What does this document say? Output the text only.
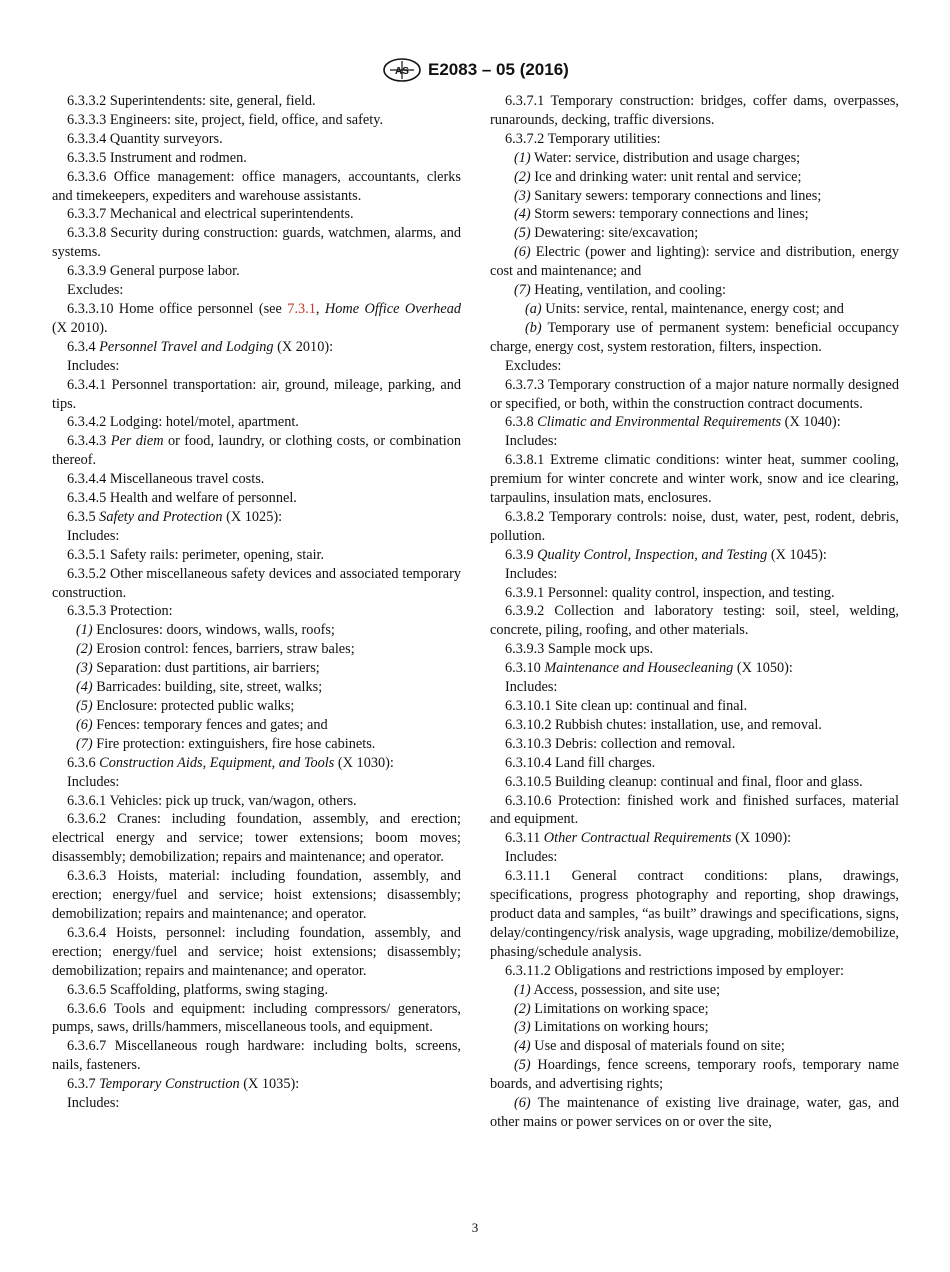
AS E2083 – 05 (2016)

6.3.3.2 Superintendents: site, general, field.

6.3.3.3 Engineers: site, project, field, office, and safety.

6.3.3.4 Quantity surveyors.

6.3.3.5 Instrument and rodmen.

6.3.3.6 Office management: office managers, accountants, clerks and timekeepers, expediters and warehouse assistants.

6.3.3.7 Mechanical and electrical superintendents.

6.3.3.8 Security during construction: guards, watchmen, alarms, and systems.

6.3.3.9 General purpose labor.

Excludes:

6.3.3.10 Home office personnel (see 7.3.1, Home Office Overhead (X 2010).

6.3.4 Personnel Travel and Lodging (X 2010):

Includes:

6.3.4.1 Personnel transportation: air, ground, mileage, parking, and tips.

6.3.4.2 Lodging: hotel/motel, apartment.

6.3.4.3 Per diem or food, laundry, or clothing costs, or combination thereof.

6.3.4.4 Miscellaneous travel costs.

6.3.4.5 Health and welfare of personnel.

6.3.5 Safety and Protection (X 1025):

Includes:

6.3.5.1 Safety rails: perimeter, opening, stair.

6.3.5.2 Other miscellaneous safety devices and associated temporary construction.

6.3.5.3 Protection:

(1) Enclosures: doors, windows, walls, roofs;

(2) Erosion control: fences, barriers, straw bales;

(3) Separation: dust partitions, air barriers;

(4) Barricades: building, site, street, walks;

(5) Enclosure: protected public walks;

(6) Fences: temporary fences and gates; and

(7) Fire protection: extinguishers, fire hose cabinets.

6.3.6 Construction Aids, Equipment, and Tools (X 1030):

Includes:

6.3.6.1 Vehicles: pick up truck, van/wagon, others.

6.3.6.2 Cranes: including foundation, assembly, and erection; electrical energy and service; tower extensions; boom moves; disassembly; demobilization; repairs and maintenance; and operator.

6.3.6.3 Hoists, material: including foundation, assembly, and erection; energy/fuel and service; hoist extensions; disassembly; demobilization; repairs and maintenance; and operator.

6.3.6.4 Hoists, personnel: including foundation, assembly, and erection; energy/fuel and service; hoist extensions; disassembly; demobilization; repairs and maintenance; and operator.

6.3.6.5 Scaffolding, platforms, swing staging.

6.3.6.6 Tools and equipment: including compressors/ generators, pumps, saws, drills/hammers, miscellaneous tools, and equipment.

6.3.6.7 Miscellaneous rough hardware: including bolts, screens, nails, fasteners.

6.3.7 Temporary Construction (X 1035):

Includes:

6.3.7.1 Temporary construction: bridges, coffer dams, overpasses, runarounds, decking, traffic diversions.

6.3.7.2 Temporary utilities:

(1) Water: service, distribution and usage charges;

(2) Ice and drinking water: unit rental and service;

(3) Sanitary sewers: temporary connections and lines;

(4) Storm sewers: temporary connections and lines;

(5) Dewatering: site/excavation;

(6) Electric (power and lighting): service and distribution, energy cost and maintenance; and

(7) Heating, ventilation, and cooling:

(a) Units: service, rental, maintenance, energy cost; and

(b) Temporary use of permanent system: beneficial occupancy charge, energy cost, system restoration, filters, inspection.

Excludes:

6.3.7.3 Temporary construction of a major nature normally designed or specified, or both, within the construction contract documents.

6.3.8 Climatic and Environmental Requirements (X 1040):

Includes:

6.3.8.1 Extreme climatic conditions: winter heat, summer cooling, premium for winter concrete and winter work, snow and ice clearing, tarpaulins, insulation mats, enclosures.

6.3.8.2 Temporary controls: noise, dust, water, pest, rodent, debris, pollution.

6.3.9 Quality Control, Inspection, and Testing (X 1045):

Includes:

6.3.9.1 Personnel: quality control, inspection, and testing.

6.3.9.2 Collection and laboratory testing: soil, steel, welding, concrete, piling, roofing, and other materials.

6.3.9.3 Sample mock ups.

6.3.10 Maintenance and Housecleaning (X 1050):

Includes:

6.3.10.1 Site clean up: continual and final.

6.3.10.2 Rubbish chutes: installation, use, and removal.

6.3.10.3 Debris: collection and removal.

6.3.10.4 Land fill charges.

6.3.10.5 Building cleanup: continual and final, floor and glass.

6.3.10.6 Protection: finished work and finished surfaces, material and equipment.

6.3.11 Other Contractual Requirements (X 1090):

Includes:

6.3.11.1 General contract conditions: plans, drawings, specifications, progress photography and reporting, shop drawings, product data and samples, “as built” drawings and specifications, signs, delay/contingency/risk analysis, wage upgrading, mobilize/demobilize, phasing/schedule analysis.

6.3.11.2 Obligations and restrictions imposed by employer:

(1) Access, possession, and site use;

(2) Limitations on working space;

(3) Limitations on working hours;

(4) Use and disposal of materials found on site;

(5) Hoardings, fence screens, temporary roofs, temporary name boards, and advertising rights;

(6) The maintenance of existing live drainage, water, gas, and other mains or power services on or over the site,

3
